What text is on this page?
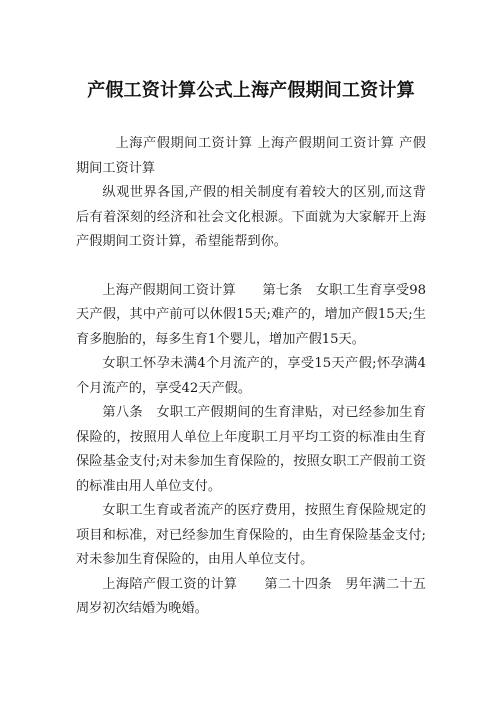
产假工资计算公式上海产假期间工资计算

上海产假期间工资计算 上海产假期间工资计算 产假期间工资计算

纵观世界各国,产假的相关制度有着较大的区别,而这背后有着深刻的经济和社会文化根源。下面就为大家解开上海产假期间工资计算，希望能帮到你。

上海产假期间工资计算　　第七条　女职工生育享受98天产假，其中产前可以休假15天;难产的，增加产假15天;生育多胞胎的，每多生育1个婴儿，增加产假15天。

女职工怀孕未满4个月流产的，享受15天产假;怀孕满4个月流产的，享受42天产假。

第八条　女职工产假期间的生育津贴，对已经参加生育保险的，按照用人单位上年度职工月平均工资的标准由生育保险基金支付;对未参加生育保险的，按照女职工产假前工资的标准由用人单位支付。

女职工生育或者流产的医疗费用，按照生育保险规定的项目和标准，对已经参加生育保险的，由生育保险基金支付;对未参加生育保险的，由用人单位支付。

上海陪产假工资的计算　　第二十四条　男年满二十五周岁初次结婚为晚婚。
